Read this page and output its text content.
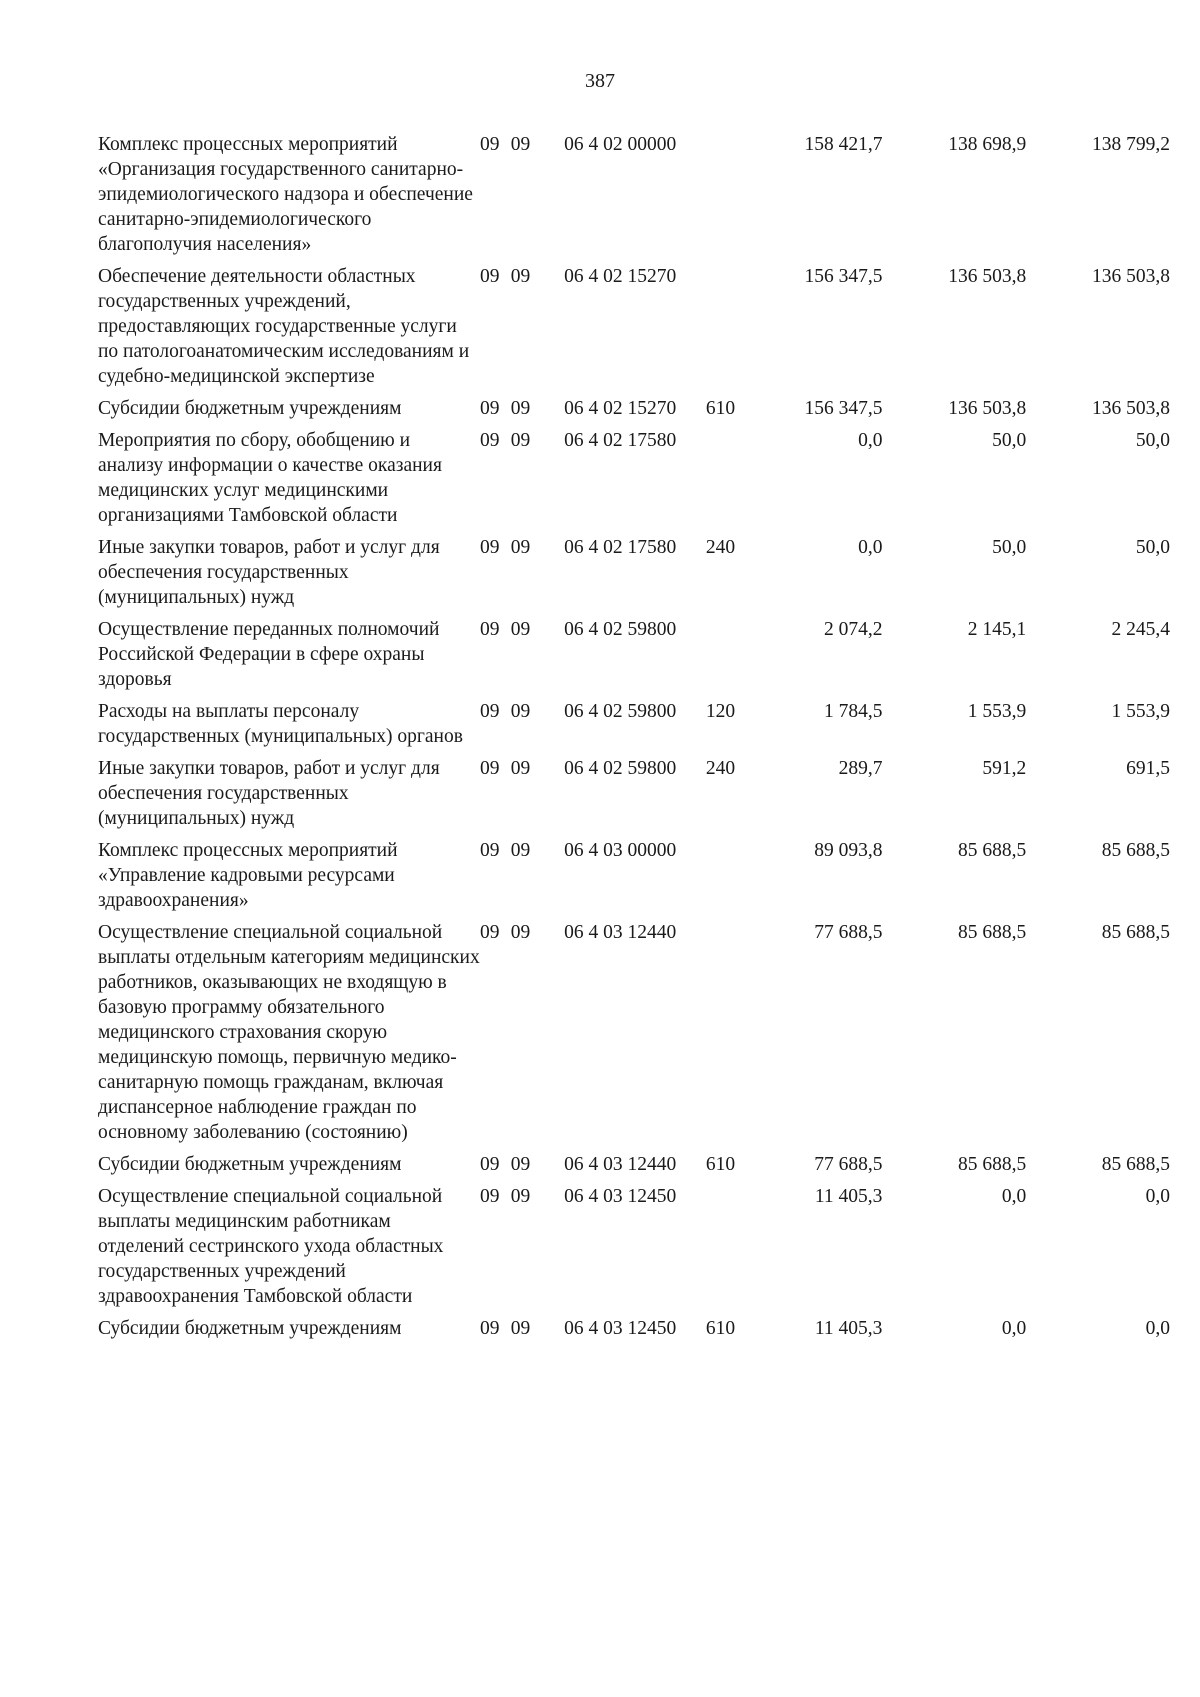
387
Комплекс процессных мероприятий «Организация государственного санитарно-эпидемиологического надзора и обеспечение санитарно-эпидемиологического благополучия населения»	09	09	06 4 02 00000		158 421,7	138 698,9	138 799,2
Обеспечение деятельности областных государственных учреждений, предоставляющих государственные услуги по патологоанатомическим исследованиям и судебно-медицинской экспертизе	09	09	06 4 02 15270		156 347,5	136 503,8	136 503,8
Субсидии бюджетным учреждениям	09	09	06 4 02 15270	610	156 347,5	136 503,8	136 503,8
Мероприятия по сбору, обобщению и анализу информации о качестве оказания медицинских услуг медицинскими организациями Тамбовской области	09	09	06 4 02 17580		0,0	50,0	50,0
Иные закупки товаров, работ и услуг для обеспечения государственных (муниципальных) нужд	09	09	06 4 02 17580	240	0,0	50,0	50,0
Осуществление переданных полномочий Российской Федерации в сфере охраны здоровья	09	09	06 4 02 59800		2 074,2	2 145,1	2 245,4
Расходы на выплаты персоналу государственных (муниципальных) органов	09	09	06 4 02 59800	120	1 784,5	1 553,9	1 553,9
Иные закупки товаров, работ и услуг для обеспечения государственных (муниципальных) нужд	09	09	06 4 02 59800	240	289,7	591,2	691,5
Комплекс процессных мероприятий «Управление кадровыми ресурсами здравоохранения»	09	09	06 4 03 00000		89 093,8	85 688,5	85 688,5
Осуществление специальной социальной выплаты отдельным категориям медицинских работников, оказывающих не входящую в базовую программу обязательного медицинского страхования скорую медицинскую помощь, первичную медико-санитарную помощь гражданам, включая диспансерное наблюдение граждан по основному заболеванию (состоянию)	09	09	06 4 03 12440		77 688,5	85 688,5	85 688,5
Субсидии бюджетным учреждениям	09	09	06 4 03 12440	610	77 688,5	85 688,5	85 688,5
Осуществление специальной социальной выплаты медицинским работникам отделений сестринского ухода областных государственных учреждений здравоохранения Тамбовской области	09	09	06 4 03 12450		11 405,3	0,0	0,0
Субсидии бюджетным учреждениям	09	09	06 4 03 12450	610	11 405,3	0,0	0,0
